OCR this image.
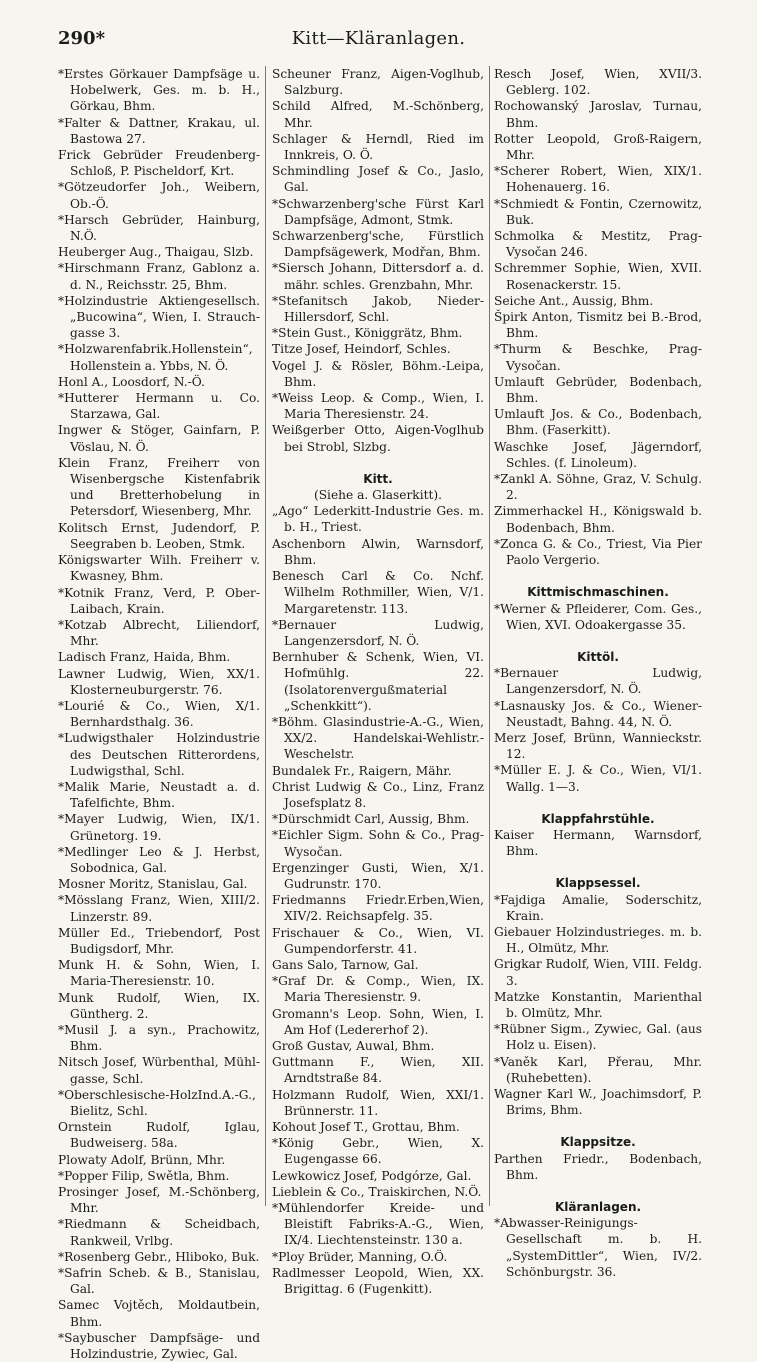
Kitt—Kläranlagen.
290*
*Erstes Görkauer Dampfsäge u. Hobelwerk, Ges. m. b. H., Görkau, Bhm.
*Falter & Dattner, Krakau, ul. Bastowa 27.
Frick Gebrüder Freudenberg-Schloß, P. Pischeldorf, Krt.
*Götzeudorfer Joh., Weibern, Ob.-Ö.
*Harsch Gebrüder, Hainburg, N.Ö.
Heuberger Aug., Thaigau, Slzb.
*Hirschmann Franz, Gablonz a. d. N., Reichsstr. 25, Bhm.
*Holzindustrie Aktiengesellsch. „Bucowina“, Wien, I. Strauch-gasse 3.
*Holzwarenfabrik.Hollenstein“, Hollenstein a. Ybbs, N. Ö.
Honl A., Loosdorf, N.-Ö.
*Hutterer Hermann u. Co. Starzawa, Gal.
Ingwer & Stöger, Gainfarn, P. Vöslau, N. Ö.
Klein Franz, Freiherr von Wisenbergsche Kistenfabrik und Bretterhobelung in Petersdorf, Wiesenberg, Mhr.
Kolitsch Ernst, Judendorf, P. Seegraben b. Leoben, Stmk.
Königswarter Wilh. Freiherr v. Kwasney, Bhm.
*Kotnik Franz, Verd, P. Ober-Laibach, Krain.
*Kotzab Albrecht, Liliendorf, Mhr.
Ladisch Franz, Haida, Bhm.
Lawner Ludwig, Wien, XX/1. Klosterneuburgerstr. 76.
*Lourié & Co., Wien, X/1. Bernhardsthalg. 36.
*Ludwigsthaler Holzindustrie des Deutschen Ritterordens, Ludwigsthal, Schl.
*Malik Marie, Neustadt a. d. Tafelfichte, Bhm.
*Mayer Ludwig, Wien, IX/1. Grünetorg. 19.
*Medlinger Leo & J. Herbst, Sobodnica, Gal.
Mosner Moritz, Stanislau, Gal.
*Mösslang Franz, Wien, XIII/2. Linzerstr. 89.
Müller Ed., Triebendorf, Post Budigsdorf, Mhr.
Munk H. & Sohn, Wien, I. Maria-Theresienstr. 10.
Munk Rudolf, Wien, IX. Güntherg. 2.
*Musil J. a syn., Prachowitz, Bhm.
Nitsch Josef, Würbenthal, Mühl-gasse, Schl.
*Oberschlesische-HolzInd.A.-G., Bielitz, Schl.
Ornstein Rudolf, Iglau, Budweiserg. 58a.
Plowaty Adolf, Brünn, Mhr.
*Popper Filip, Swětla, Bhm.
Prosinger Josef, M.-Schönberg, Mhr.
*Riedmann & Scheidbach, Rankweil, Vrlbg.
*Rosenberg Gebr., Hliboko, Buk.
*Safrin Scheb. & B., Stanislau, Gal.
Samec Vojtěch, Moldautbein, Bhm.
*Saybuscher Dampfsäge- und Holzindustrie, Zywiec, Gal.
Scheuner Franz, Aigen-Voglhub, Salzburg.
Schild Alfred, M.-Schönberg, Mhr.
Schlager & Herndl, Ried im Innkreis, O. Ö.
Schmindling Josef & Co., Jaslo, Gal.
*Schwarzenberg'sche Fürst Karl Dampfsäge, Admont, Stmk.
Schwarzenberg'sche, Fürstlich Dampfsägewerk, Modřan, Bhm.
*Siersch Johann, Dittersdorf a. d. mähr. schles. Grenzbahn, Mhr.
*Stefanitsch Jakob, Nieder-Hillersdorf, Schl.
*Stein Gust., Königgrätz, Bhm.
Titze Josef, Heindorf, Schles.
Vogel J. & Rösler, Böhm.-Leipa, Bhm.
*Weiss Leop. & Comp., Wien, I. Maria Theresienstr. 24.
Weißgerber Otto, Aigen-Voglhub bei Strobl, Slzbg.
Kitt.
(Siehe a. Glaserkitt).
„Ago“ Lederkitt-Industrie Ges. m. b. H., Triest.
Aschenborn Alwin, Warnsdorf, Bhm.
Benesch Carl & Co. Nchf. Wilhelm Rothmiller, Wien, V/1. Margaretenstr. 113.
*Bernauer Ludwig, Langenzersdorf, N. Ö.
Bernhuber & Schenk, Wien, VI. Hofmühlg. 22. (Isolatorenvergußmaterial „Schenkkitt“).
*Böhm. Glasindustrie-A.-G., Wien, XX/2. Handelskai-Wehlistr.-Weschelstr.
Bundalek Fr., Raigern, Mähr.
Christ Ludwig & Co., Linz, Franz Josefsplatz 8.
*Dürschmidt Carl, Aussig, Bhm.
*Eichler Sigm. Sohn & Co., Prag-Wysočan.
Ergenzinger Gusti, Wien, X/1. Gudrunstr. 170.
Friedmanns Friedr.Erben,Wien, XIV/2. Reichsapfelg. 35.
Frischauer & Co., Wien, VI. Gumpendorferstr. 41.
Gans Salo, Tarnow, Gal.
*Graf Dr. & Comp., Wien, IX. Maria Theresienstr. 9.
Gromann's Leop. Sohn, Wien, I. Am Hof (Ledererhof 2).
Groß Gustav, Auwal, Bhm.
Guttmann F., Wien, XII. Arndtstraße 84.
Holzmann Rudolf, Wien, XXI/1. Brünnerstr. 11.
Kohout Josef T., Grottau, Bhm.
*König Gebr., Wien, X. Eugengasse 66.
Lewkowicz Josef, Podgórze, Gal.
Lieblein & Co., Traiskirchen, N.Ö.
*Mühlendorfer Kreide- und Bleistift Fabriks-A.-G., Wien, IX/4. Liechtensteinstr. 130 a.
*Ploy Brüder, Manning, O.Ö.
Radlmesser Leopold, Wien, XX. Brigittag. 6 (Fugenkitt).
Resch Josef, Wien, XVII/3. Geblerg. 102.
Rochowanský Jaroslav, Turnau, Bhm.
Rotter Leopold, Groß-Raigern, Mhr.
*Scherer Robert, Wien, XIX/1. Hohenauerg. 16.
*Schmiedt & Fontin, Czernowitz, Buk.
Schmolka & Mestitz, Prag-Vysočan 246.
Schremmer Sophie, Wien, XVII. Rosenackerstr. 15.
Seiche Ant., Aussig, Bhm.
Špirk Anton, Tismitz bei B.-Brod, Bhm.
*Thurm & Beschke, Prag-Vysočan.
Umlauft Gebrüder, Bodenbach, Bhm.
Umlauft Jos. & Co., Bodenbach, Bhm. (Faserkitt).
Waschke Josef, Jägerndorf, Schles. (f. Linoleum).
*Zankl A. Söhne, Graz, V. Schulg. 2.
Zimmerhackel H., Königswald b. Bodenbach, Bhm.
*Zonca G. & Co., Triest, Via Pier Paolo Vergerio.
Kittmischmaschinen.
*Werner & Pfleiderer, Com. Ges., Wien, XVI. Odoakergasse 35.
Kittöl.
*Bernauer Ludwig, Langenzersdorf, N. Ö.
*Lasnausky Jos. & Co., Wiener-Neustadt, Bahng. 44, N. Ö.
Merz Josef, Brünn, Wannieckstr. 12.
*Müller E. J. & Co., Wien, VI/1. Wallg. 1—3.
Klappfahrstühle.
Kaiser Hermann, Warnsdorf, Bhm.
Klappsessel.
*Fajdiga Amalie, Soderschitz, Krain.
Giebauer Holzindustrieges. m. b. H., Olmütz, Mhr.
Grigkar Rudolf, Wien, VIII. Feldg. 3.
Matzke Konstantin, Marienthal b. Olmütz, Mhr.
*Rübner Sigm., Zywiec, Gal. (aus Holz u. Eisen).
*Vaněk Karl, Přerau, Mhr. (Ruhebetten).
Wagner Karl W., Joachimsdorf, P. Brims, Bhm.
Klappsitze.
Parthen Friedr., Bodenbach, Bhm.
Kläranlagen.
*Abwasser-Reinigungs-Gesellschaft m. b. H. „SystemDittler“, Wien, IV/2. Schönburgstr. 36.
